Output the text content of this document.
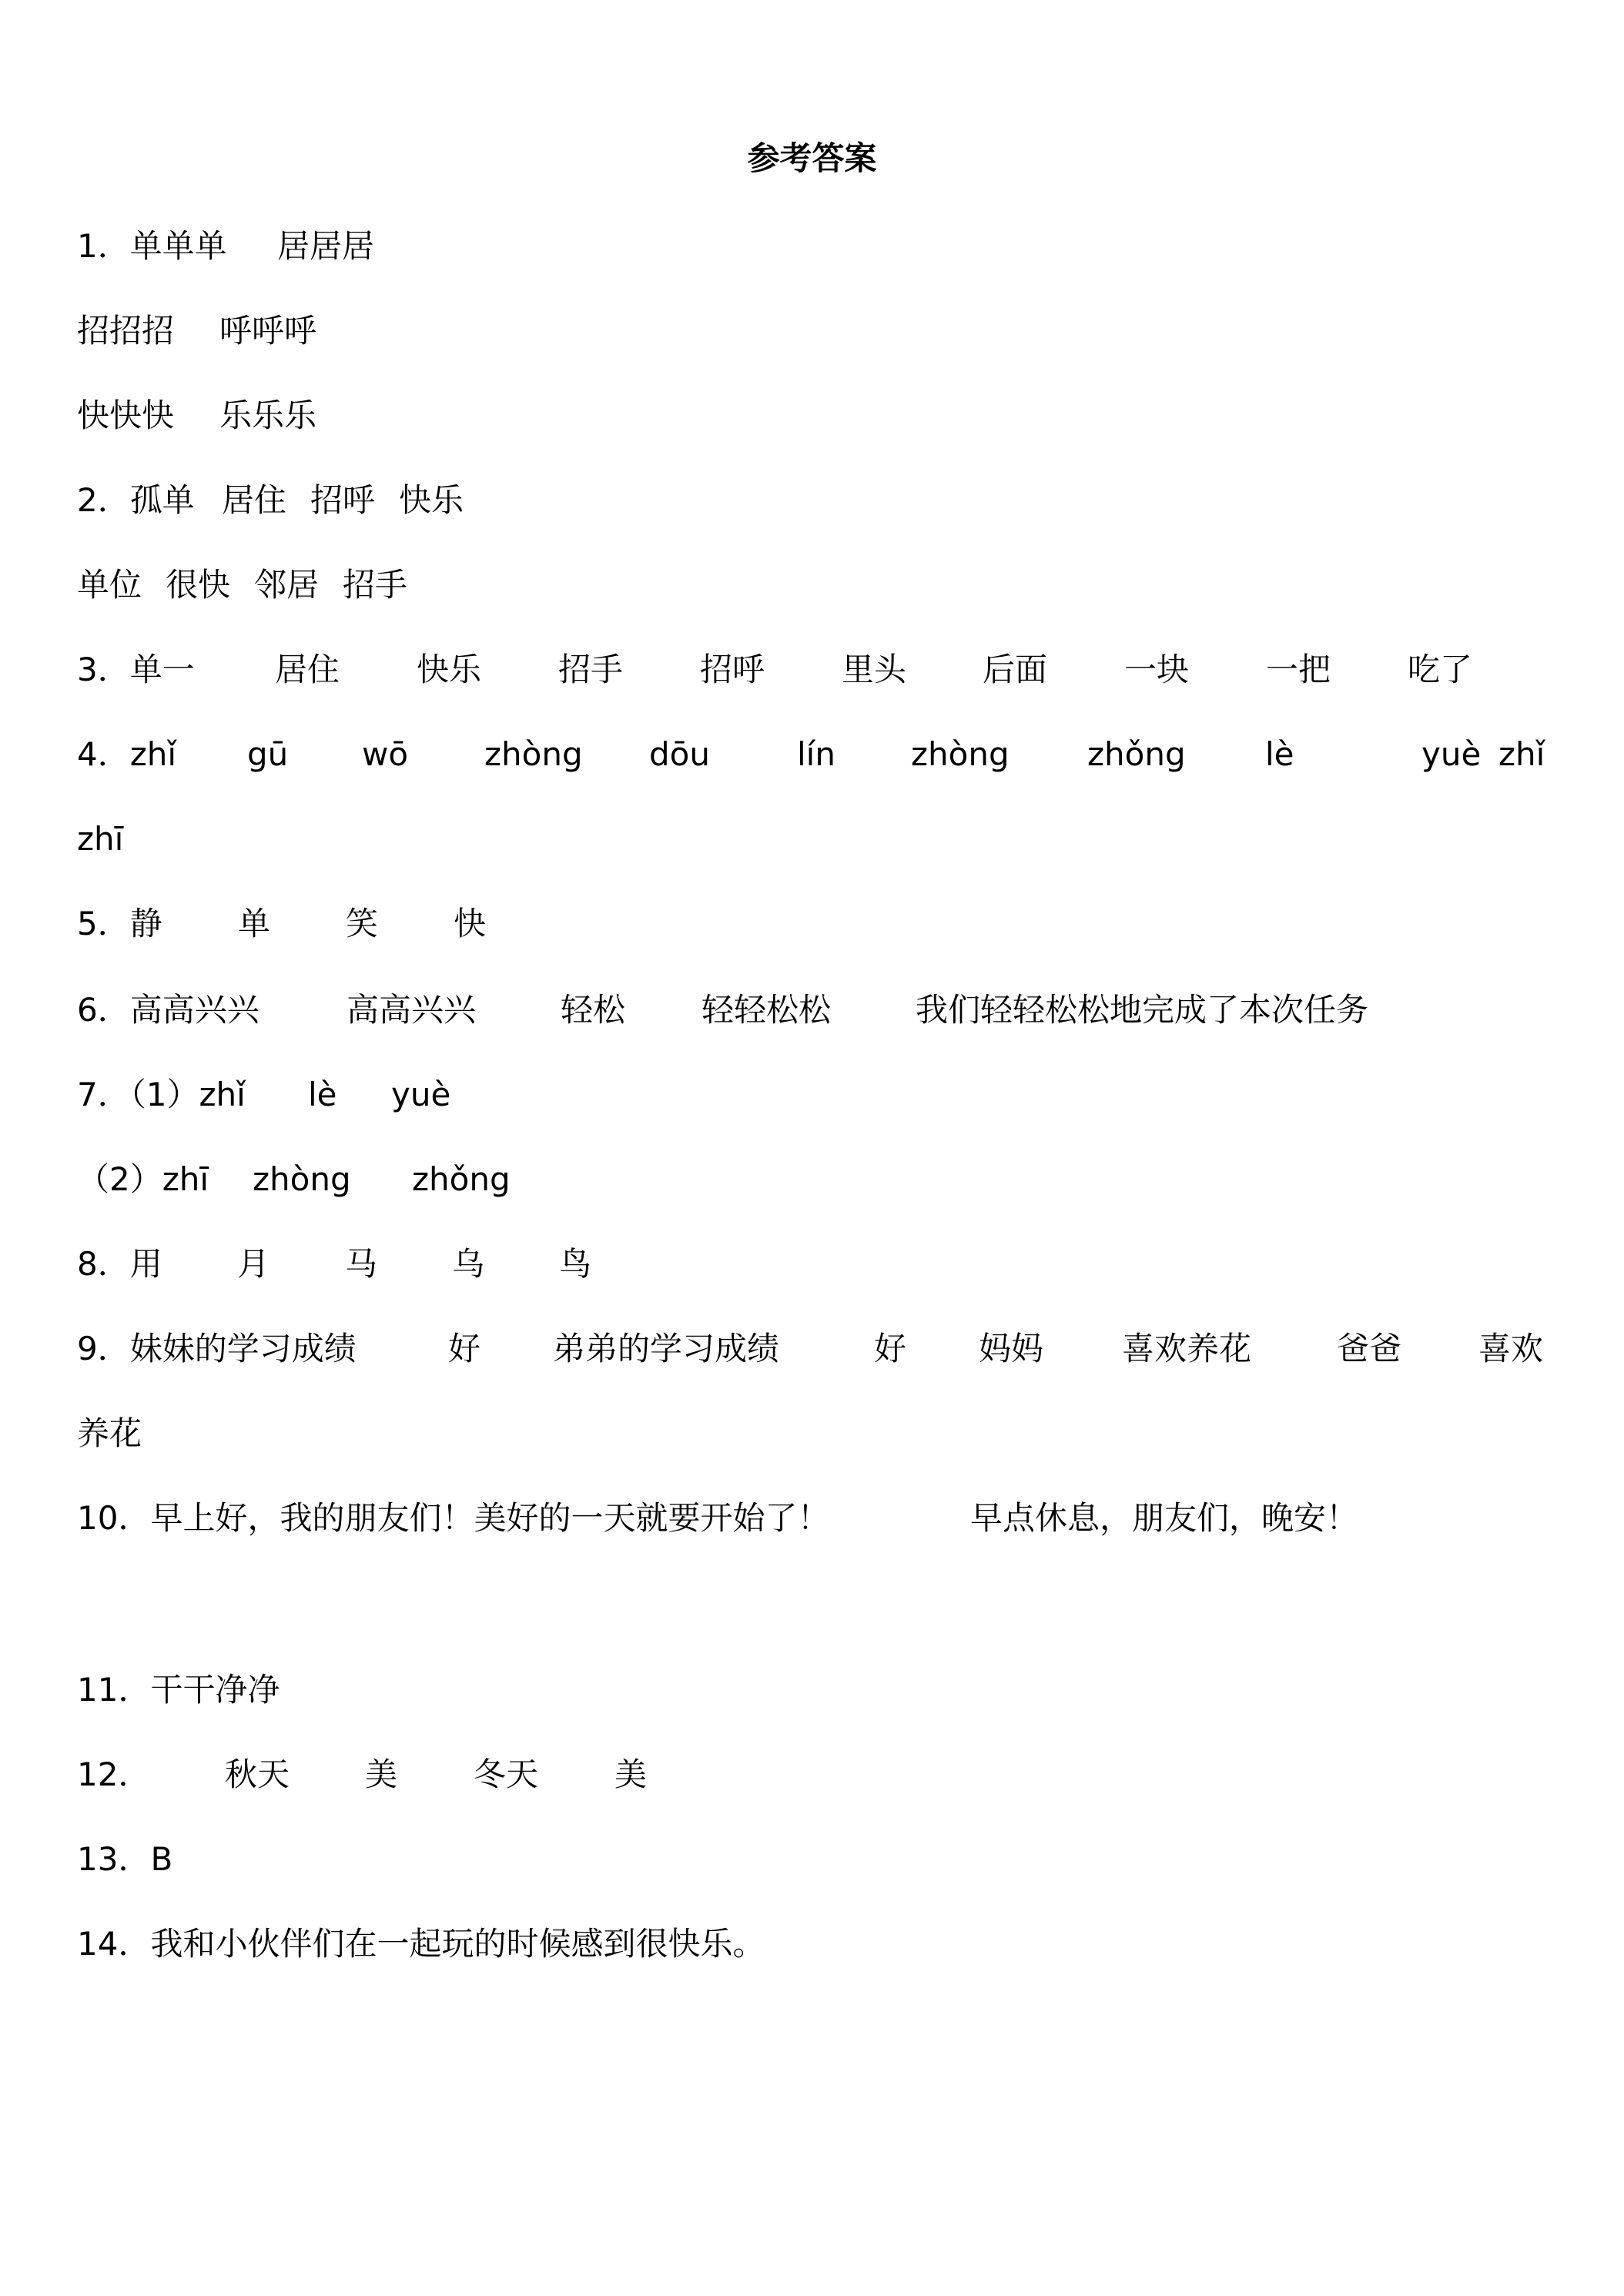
参考答案
1．单单单 居居居
招招招 呼呼呼
快快快 乐乐乐
2．孤单 居住 招呼 快乐
单位 很快 邻居 招手
3．单一 居住 快乐 招手 招呼 里头 后面 一块 一把 吃了
4．zhǐ gū wō zhòng dōu	lín zhòng zhǒng lè	yuè zhǐ
zhī
5．静 单 笑 快
6．高高兴兴	高高兴兴	轻松 轻轻松松	我们轻轻松松地完成了本次任务
7．（1）zhǐ lè yuè
（2）zhī zhòng zhǒng
8．用 月 马 乌 鸟
9．妹妹的学习成绩	好 弟弟的学习成绩	好 妈妈 喜欢养花	爸爸 喜欢
养花
10．早上好，我的朋友们！美好的一天就要开始了！	早点休息，朋友们，晚安！
11．干干净净
12． 秋天 美 冬天 美
13．B
14．我和小伙伴们在一起玩的时候感到很快乐。
